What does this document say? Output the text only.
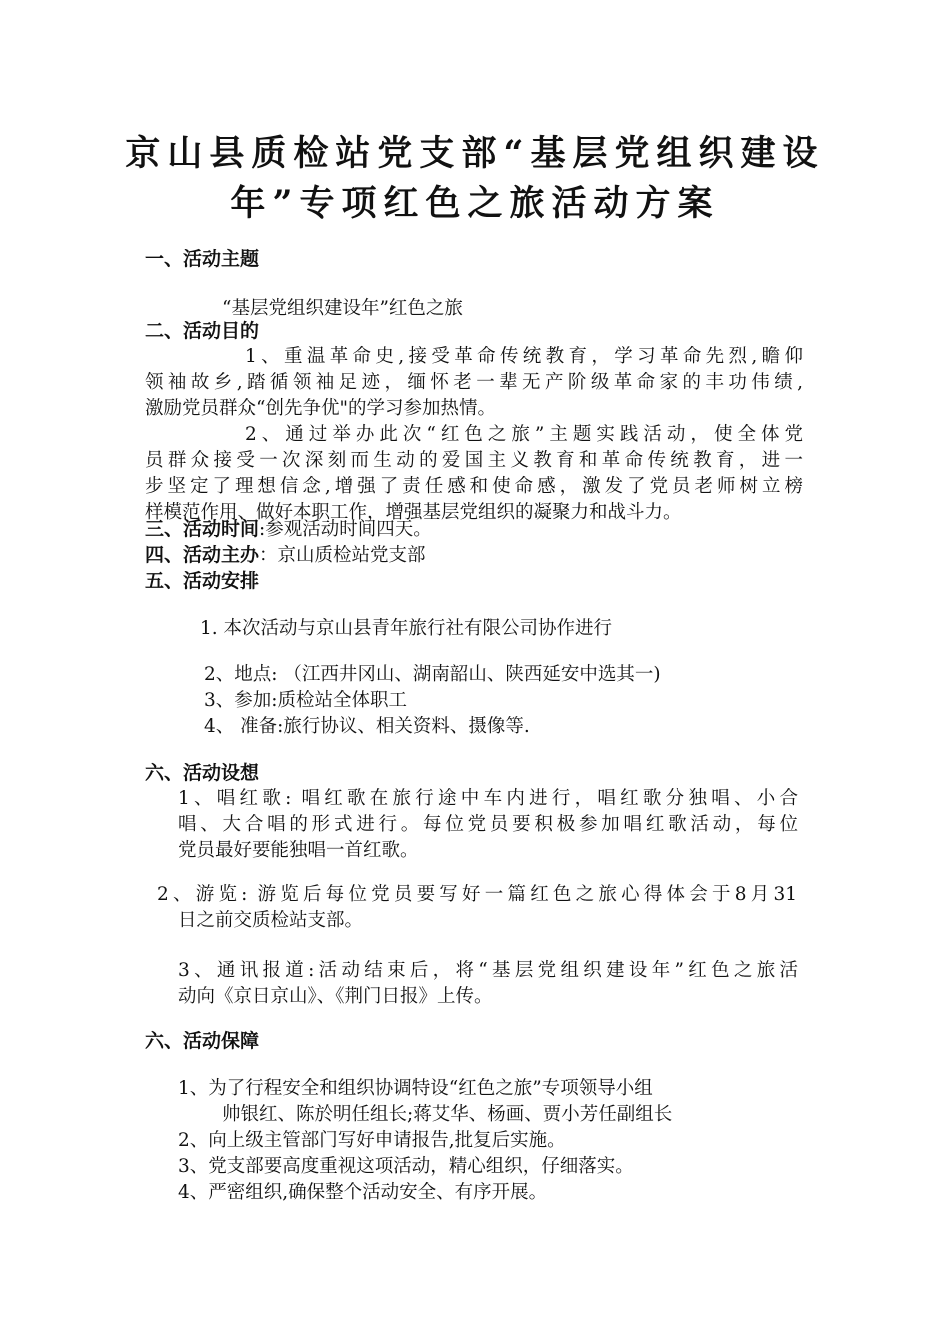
京山县质检站党支部“基层党组织建设
年”专项红色之旅活动方案
一、活动主题
“基层党组织建设年”红色之旅
二、活动目的
1、重温革命史,接受革命传统教育，学习革命先烈,瞻仰
领袖故乡,踏循领袖足迹，缅怀老一辈无产阶级革命家的丰功伟绩,
激励党员群众“创先争优"的学习参加热情。
2、通过举办此次“红色之旅”主题实践活动，使全体党
员群众接受一次深刻而生动的爱国主义教育和革命传统教育，进一
步坚定了理想信念,增强了责任感和使命感，激发了党员老师树立榜
样模范作用、做好本职工作，增强基层党组织的凝聚力和战斗力。
三、活动时间:参观活动时间四天。
四、活动主办：京山质检站党支部
五、活动安排
1. 本次活动与京山县青年旅行社有限公司协作进行
2、地点: （江西井冈山、湖南韶山、陕西延安中选其一)
3、参加:质检站全体职工
4、 准备:旅行协议、相关资料、摄像等.
六、活动设想
1、唱红歌: 唱红歌在旅行途中车内进行，唱红歌分独唱、小合
唱、大合唱的形式进行。每位党员要积极参加唱红歌活动，每位
党员最好要能独唱一首红歌。
2、游览: 游览后每位党员要写好一篇红色之旅心得体会于8月31
日之前交质检站支部。
3、通讯报道:活动结束后，将“基层党组织建设年”红色之旅活
动向《京日京山》、《荆门日报》上传。
六、活动保障
1、为了行程安全和组织协调特设“红色之旅”专项领导小组
帅银红、陈於明任组长;蒋艾华、杨画、贾小芳任副组长
2、向上级主管部门写好申请报告,批复后实施。
3、党支部要高度重视这项活动，精心组织，仔细落实。
4、严密组织,确保整个活动安全、有序开展。
